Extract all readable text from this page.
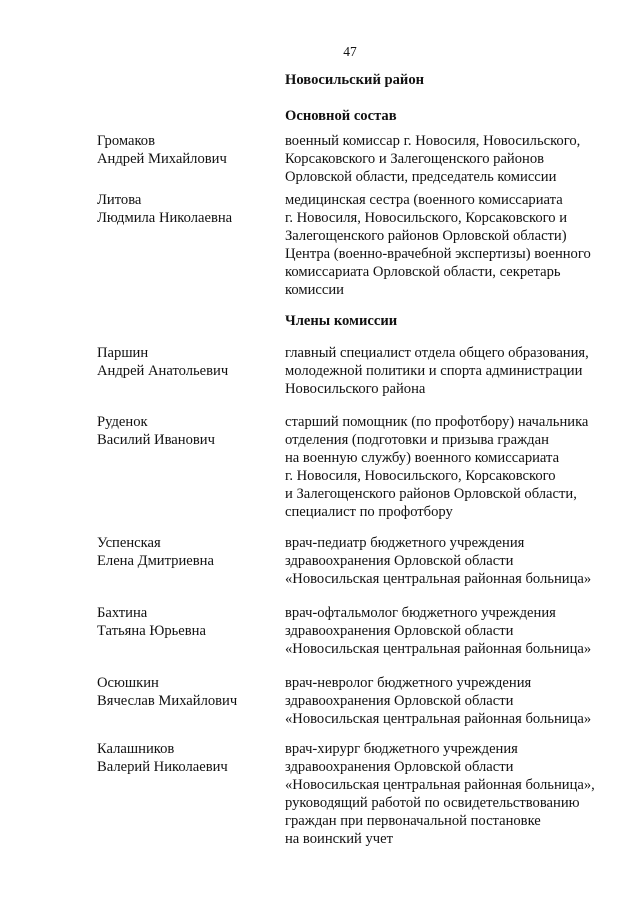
47
Новосильский район
Основной состав
Громаков
Андрей Михайлович
военный комиссар г. Новосиля, Новосильского,
Корсаковского и Залегощенского районов
Орловской области, председатель комиссии
Литова
Людмила Николаевна
медицинская сестра (военного комиссариата
г. Новосиля, Новосильского, Корсаковского и
Залегощенского районов Орловской области)
Центра (военно-врачебной экспертизы) военного
комиссариата Орловской области, секретарь
комиссии
Члены комиссии
Паршин
Андрей Анатольевич
главный специалист отдела общего образования,
молодежной политики и спорта администрации
Новосильского района
Руденок
Василий Иванович
старший помощник (по профотбору) начальника
отделения (подготовки и призыва граждан
на военную службу) военного комиссариата
г. Новосиля, Новосильского, Корсаковского
и Залегощенского районов Орловской области,
специалист по профотбору
Успенская
Елена Дмитриевна
врач-педиатр бюджетного учреждения
здравоохранения Орловской области
«Новосильская центральная районная больница»
Бахтина
Татьяна Юрьевна
врач-офтальмолог бюджетного учреждения
здравоохранения Орловской области
«Новосильская центральная районная больница»
Осюшкин
Вячеслав Михайлович
врач-невролог бюджетного учреждения
здравоохранения Орловской области
«Новосильская центральная районная больница»
Калашников
Валерий Николаевич
врач-хирург бюджетного учреждения
здравоохранения Орловской области
«Новосильская центральная районная больница»,
руководящий работой по освидетельствованию
граждан при первоначальной постановке
на воинский учет
